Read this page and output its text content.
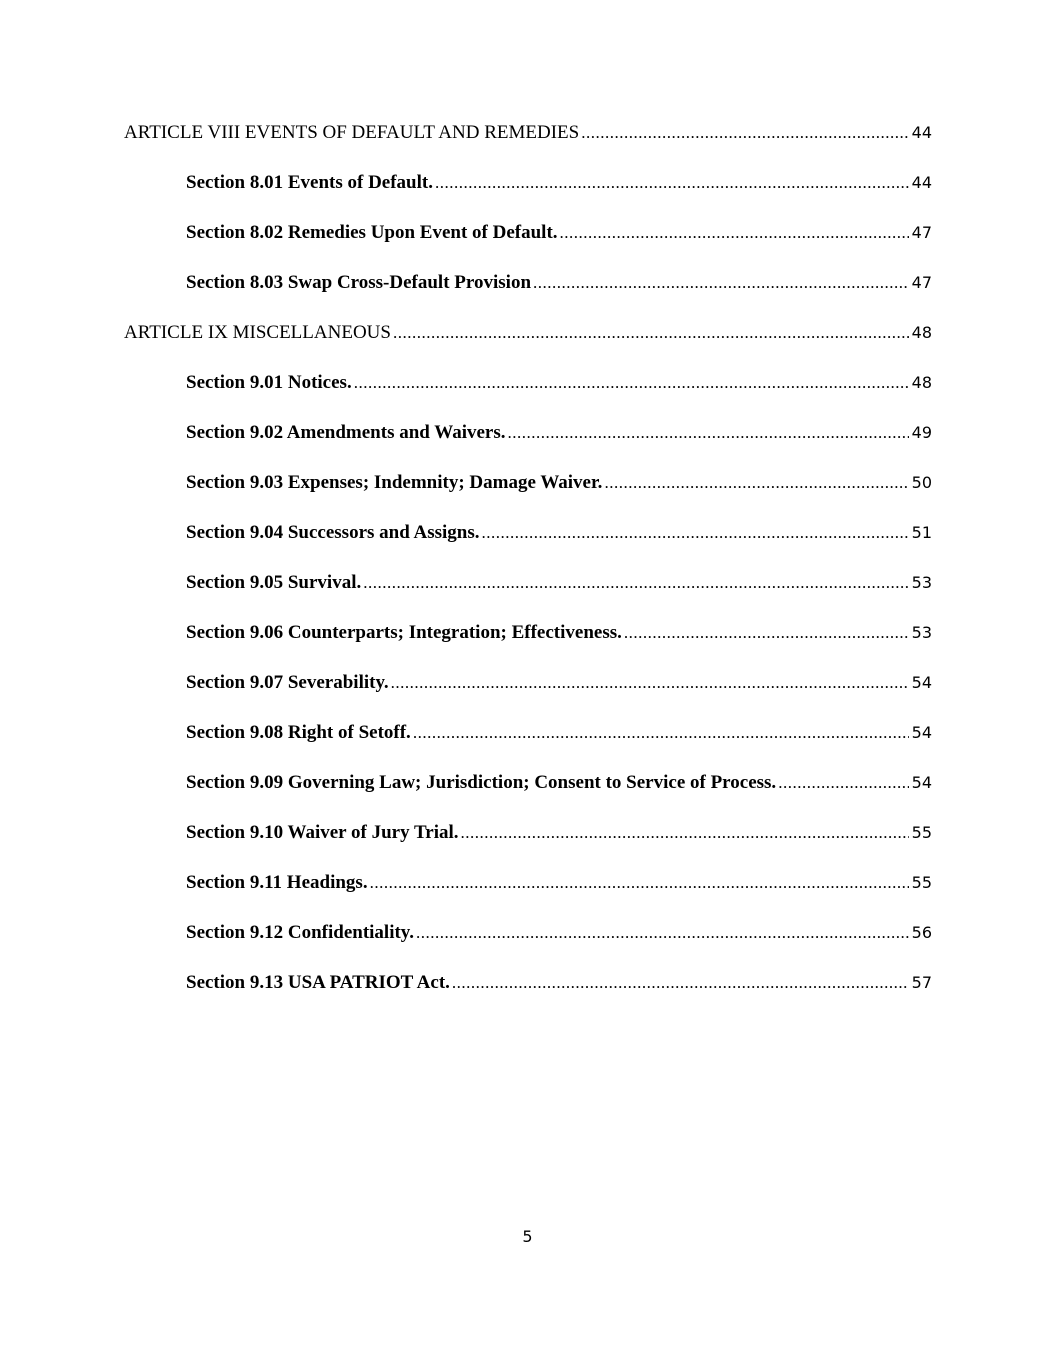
ARTICLE VIII EVENTS OF DEFAULT AND REMEDIES .....	44
Section 8.01 Events of Default. .....	44
Section 8.02 Remedies Upon Event of Default. .....	47
Section 8.03 Swap Cross-Default Provision .....	47
ARTICLE IX MISCELLANEOUS .....	48
Section 9.01 Notices. .....	48
Section 9.02 Amendments and Waivers. .....	49
Section 9.03 Expenses; Indemnity; Damage Waiver. .....	50
Section 9.04 Successors and Assigns. .....	51
Section 9.05 Survival. .....	53
Section 9.06 Counterparts; Integration; Effectiveness. .....	53
Section 9.07 Severability. .....	54
Section 9.08 Right of Setoff. .....	54
Section 9.09 Governing Law; Jurisdiction; Consent to Service of Process. .....	54
Section 9.10 Waiver of Jury Trial. .....	55
Section 9.11 Headings. .....	55
Section 9.12 Confidentiality. .....	56
Section 9.13 USA PATRIOT Act. .....	57
5
